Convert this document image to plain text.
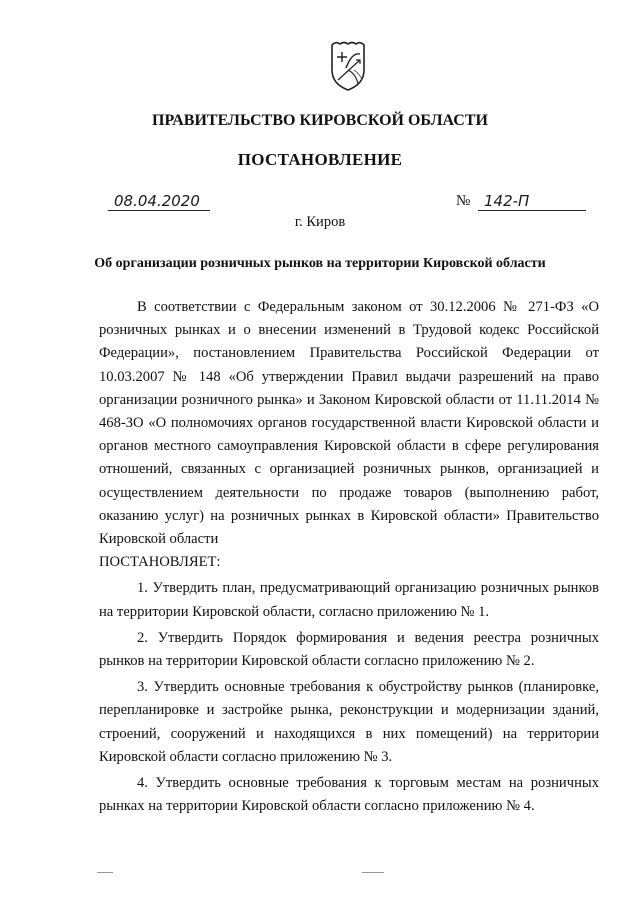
ПРАВИТЕЛЬСТВО КИРОВСКОЙ ОБЛАСТИ
ПОСТАНОВЛЕНИЕ
08.04.2020	№ 142-П
г. Киров
Об организации розничных рынков на территории Кировской области

В соответствии с Федеральным законом от 30.12.2006 № 271-ФЗ «О розничных рынках и о внесении изменений в Трудовой кодекс Российской Федерации», постановлением Правительства Российской Федерации от 10.03.2007 № 148 «Об утверждении Правил выдачи разрешений на право организации розничного рынка» и Законом Кировской области от 11.11.2014 № 468-ЗО «О полномочиях органов государственной власти Кировской области и органов местного самоуправления Кировской области в сфере регулирования отношений, связанных с организацией розничных рынков, организацией и осуществлением деятельности по продаже товаров (выполнению работ, оказанию услуг) на розничных рынках в Кировской области» Правительство Кировской области

ПОСТАНОВЛЯЕТ:

1. Утвердить план, предусматривающий организацию розничных рынков на территории Кировской области, согласно приложению № 1.

2. Утвердить Порядок формирования и ведения реестра розничных рынков на территории Кировской области согласно приложению № 2.

3. Утвердить основные требования к обустройству рынков (планировке, перепланировке и застройке рынка, реконструкции и модернизации зданий, строений, сооружений и находящихся в них помещений) на территории Кировской области согласно приложению № 3.

4. Утвердить основные требования к торговым местам на розничных рынках на территории Кировской области согласно приложению № 4.
